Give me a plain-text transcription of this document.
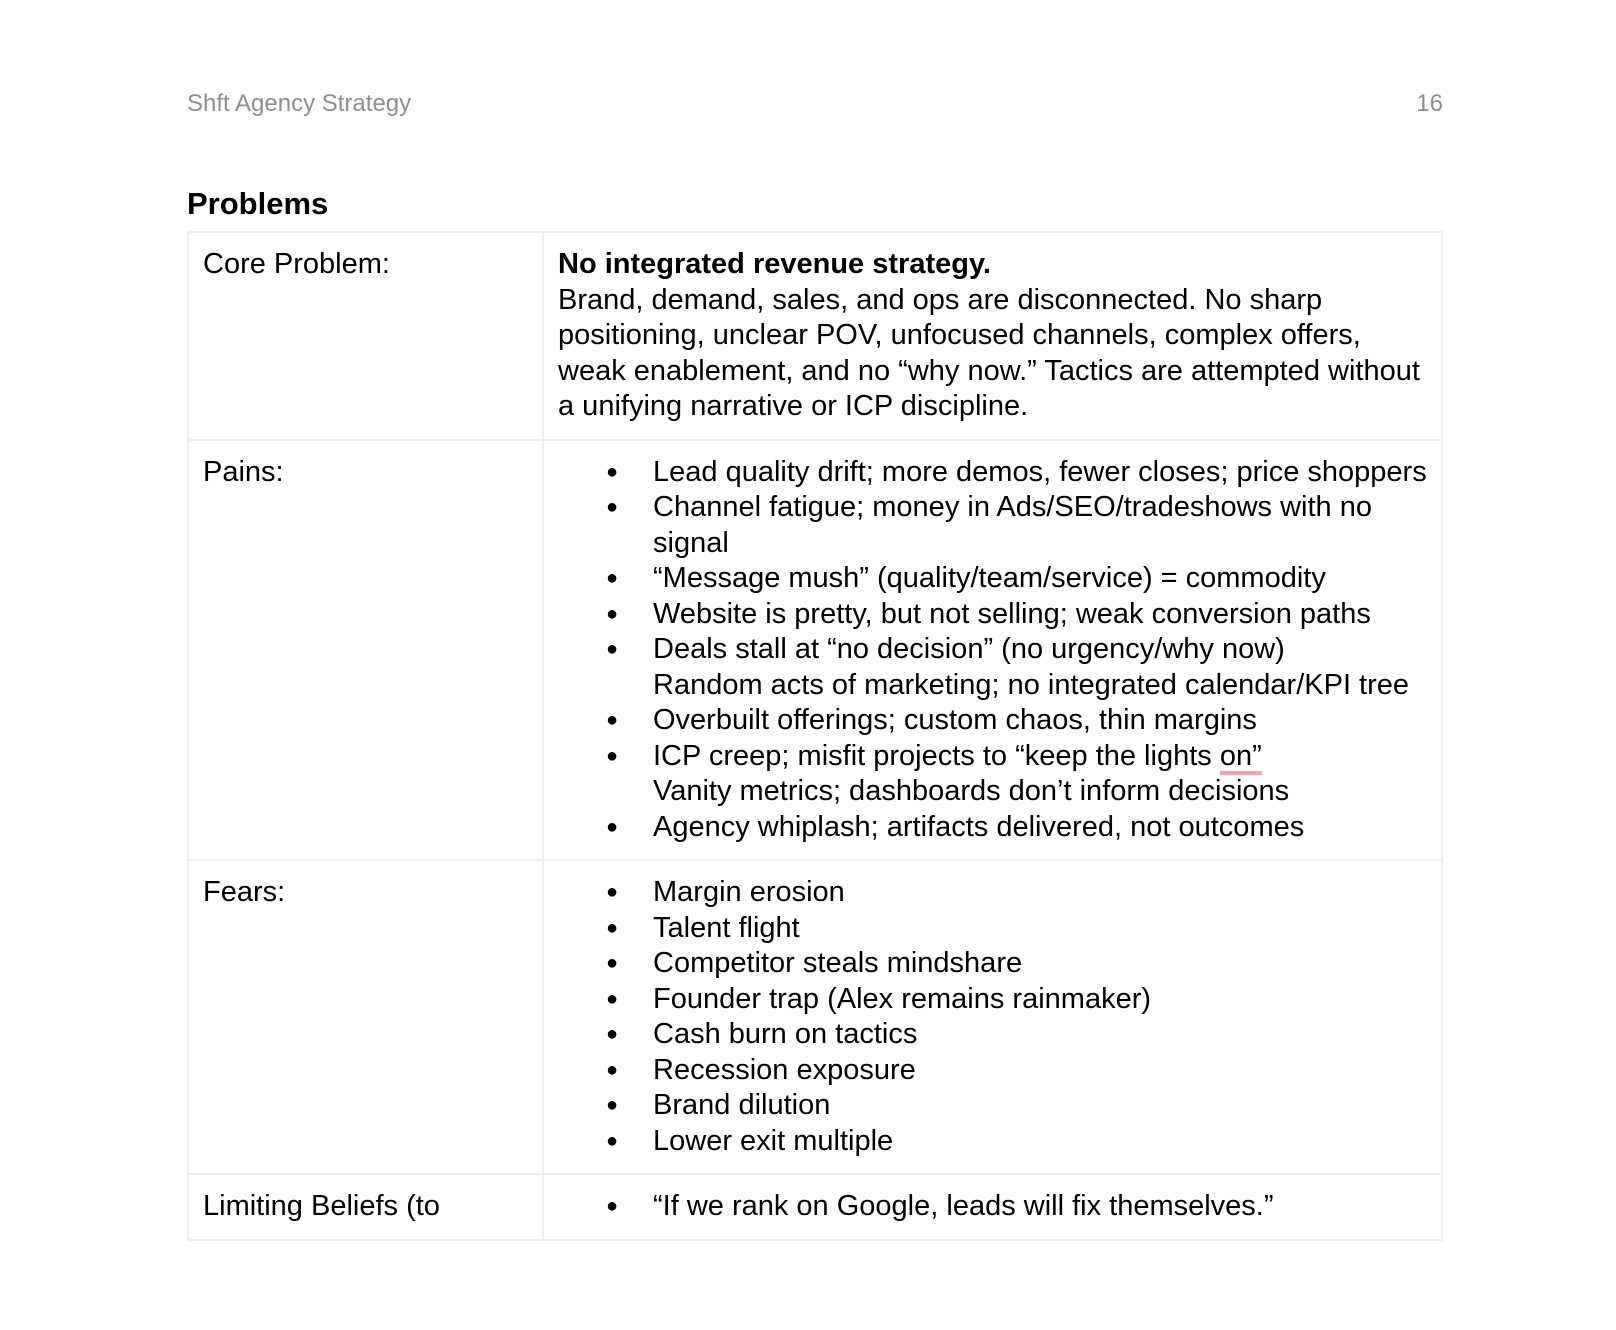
Shft Agency Strategy	16
Problems
Core Problem:	No integrated revenue strategy.
Brand, demand, sales, and ops are disconnected. No sharp positioning, unclear POV, unfocused channels, complex offers, weak enablement, and no “why now.” Tactics are attempted without a unifying narrative or ICP discipline.

Pains:	
●Lead quality drift; more demos, fewer closes; price shoppers
● Channel fatigue; money in Ads/SEO/tradeshows with no signal
● “Message mush” (quality/team/service) = commodity
● Website is pretty, but not selling; weak conversion paths
● Deals stall at “no decision” (no urgency/why now)
Random acts of marketing; no integrated calendar/KPI tree
● Overbuilt offerings; custom chaos, thin margins
● ICP creep; misfit projects to “keep the lights on”
Vanity metrics; dashboards don’t inform decisions
● Agency whiplash; artifacts delivered, not outcomes

Fears:	
●Margin erosion
● Talent flight
● Competitor steals mindshare
● Founder trap (Alex remains rainmaker)
● Cash burn on tactics
● Recession exposure
● Brand dilution
● Lower exit multiple

Limiting Beliefs (to	
●“If we rank on Google, leads will fix themselves.”
